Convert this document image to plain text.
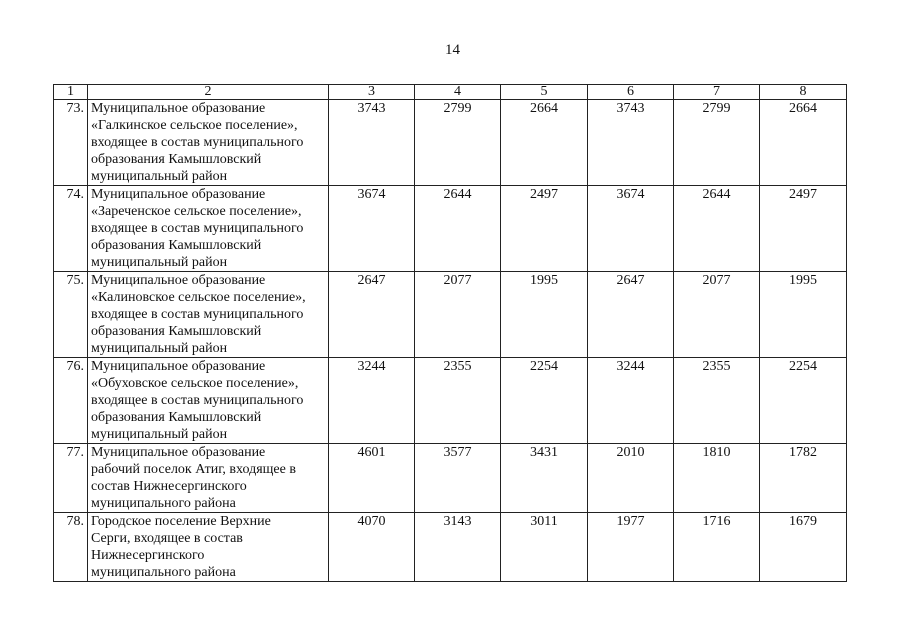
14
1	2	3	4	5	6	7	8
73.	Муниципальное образование
«Галкинское сельское поселение»,
входящее в состав муниципального
образования Камышловский
муниципальный район	3743	2799	2664	3743	2799	2664
74.	Муниципальное образование
«Зареченское сельское поселение»,
входящее в состав муниципального
образования Камышловский
муниципальный район	3674	2644	2497	3674	2644	2497
75.	Муниципальное образование
«Калиновское сельское поселение»,
входящее в состав муниципального
образования Камышловский
муниципальный район	2647	2077	1995	2647	2077	1995
76.	Муниципальное образование
«Обуховское сельское поселение»,
входящее в состав муниципального
образования Камышловский
муниципальный район	3244	2355	2254	3244	2355	2254
77.	Муниципальное образование
рабочий поселок Атиг, входящее в
состав Нижнесергинского
муниципального района	4601	3577	3431	2010	1810	1782
78.	Городское поселение Верхние
Серги, входящее в состав
Нижнесергинского
муниципального района	4070	3143	3011	1977	1716	1679
